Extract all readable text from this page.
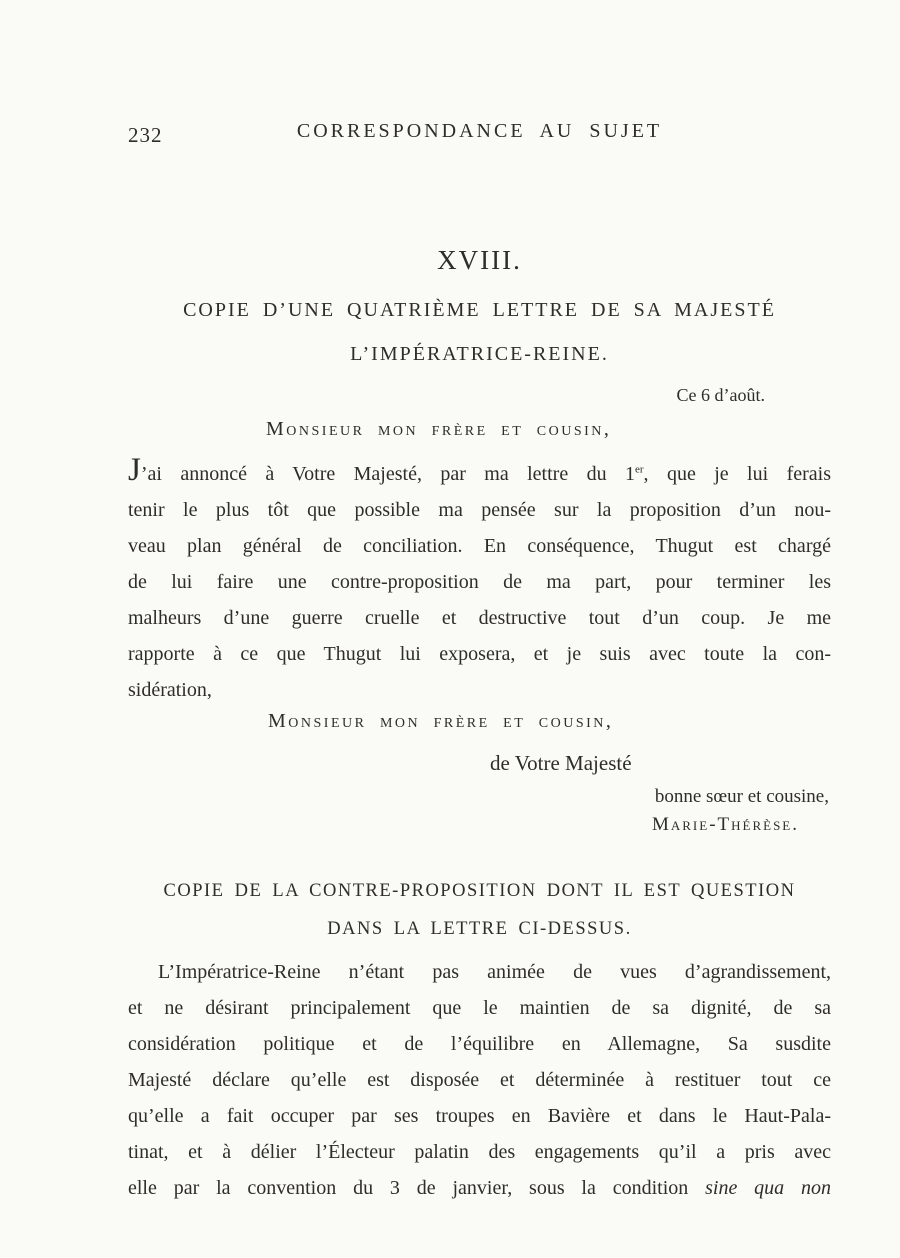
232	CORRESPONDANCE AU SUJET
XVIII.
COPIE D’UNE QUATRIÈME LETTRE DE SA MAJESTÉ
L’IMPÉRATRICE-REINE.
Ce 6 d’août.
Monsieur mon frère et cousin,
J’ai annoncé à Votre Majesté, par ma lettre du 1er, que je lui ferais
tenir le plus tôt que possible ma pensée sur la proposition d’un nou-
veau plan général de conciliation. En conséquence, Thugut est chargé
de lui faire une contre-proposition de ma part, pour terminer les
malheurs d’une guerre cruelle et destructive tout d’un coup. Je me
rapporte à ce que Thugut lui exposera, et je suis avec toute la con-
sidération,
Monsieur mon frère et cousin,
de Votre Majesté
bonne sœur et cousine,
Marie-Thérèse.
COPIE DE LA CONTRE-PROPOSITION DONT IL EST QUESTION
DANS LA LETTRE CI-DESSUS.
L’Impératrice-Reine n’étant pas animée de vues d’agrandissement,
et ne désirant principalement que le maintien de sa dignité, de sa
considération politique et de l’équilibre en Allemagne, Sa susdite
Majesté déclare qu’elle est disposée et déterminée à restituer tout ce
qu’elle a fait occuper par ses troupes en Bavière et dans le Haut-Pala-
tinat, et à délier l’Électeur palatin des engagements qu’il a pris avec
elle par la convention du 3 de janvier, sous la condition sine qua non
